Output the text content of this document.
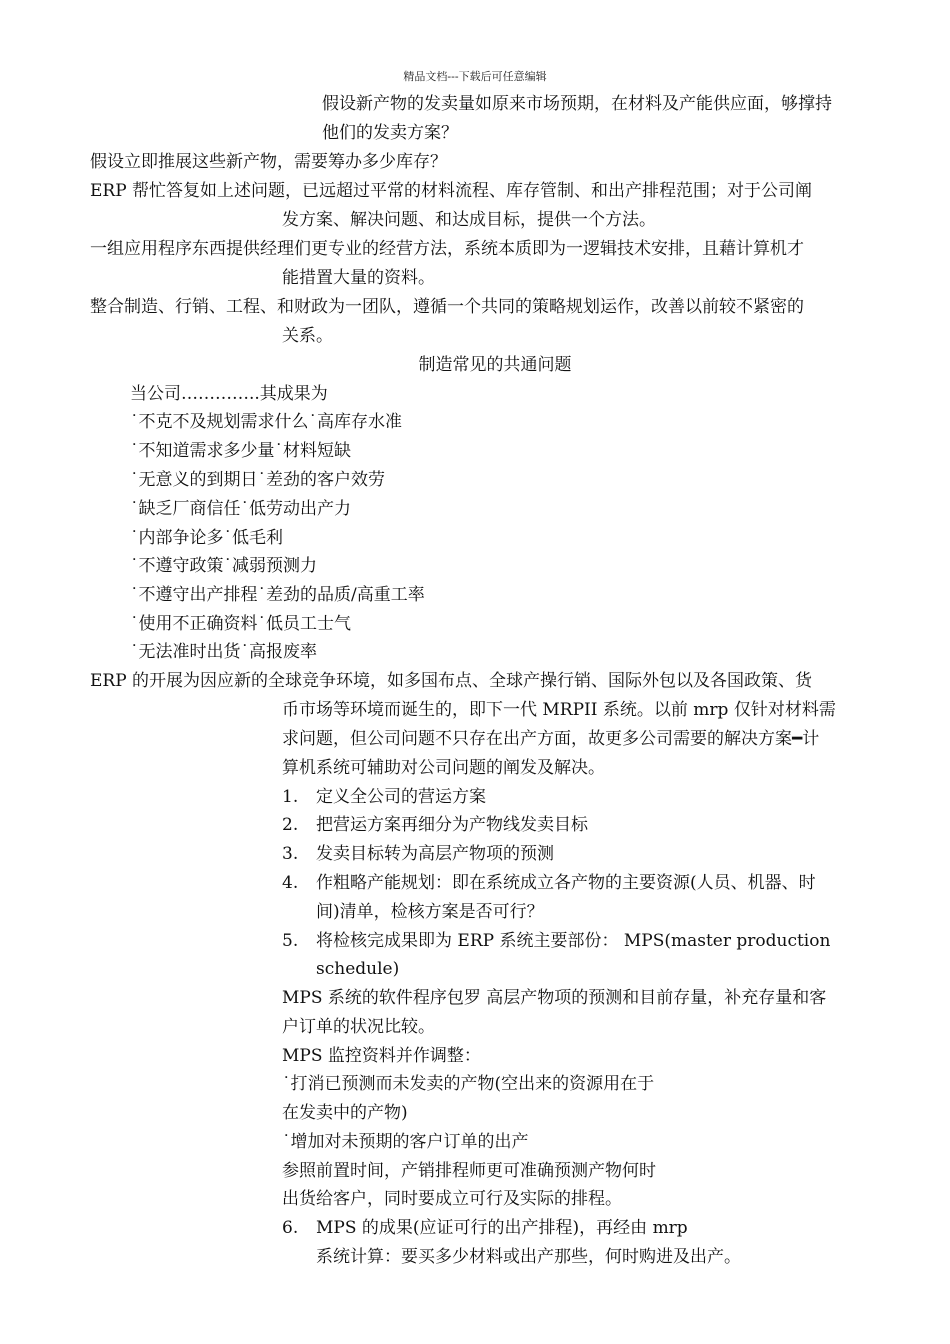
精品文档---下载后可任意编辑
假设新产物的发卖量如原来市场预期，在材料及产能供应面，够撑持
他们的发卖方案？
假设立即推展这些新产物，需要筹办多少库存？
ERP 帮忙答复如上述问题，已远超过平常的材料流程、库存管制、和出产排程范围；对于公司阐
发方案、解决问题、和达成目标，提供一个方法。
一组应用程序东西提供经理们更专业的经营方法，系统本质即为一逻辑技术安排，且藉计算机才
能措置大量的资料。
整合制造、行销、工程、和财政为一团队，遵循一个共同的策略规划运作，改善以前较不紧密的
关系。
制造常见的共通问题
当公司…………..其成果为
˙不克不及规划需求什么˙高库存水准
˙不知道需求多少量˙材料短缺
˙无意义的到期日˙差劲的客户效劳
˙缺乏厂商信任˙低劳动出产力
˙内部争论多˙低毛利
˙不遵守政策˙减弱预测力
˙不遵守出产排程˙差劲的品质/高重工率
˙使用不正确资料˙低员工士气
˙无法准时出货˙高报废率
ERP 的开展为因应新的全球竞争环境，如多国布点、全球产操行销、国际外包以及各国政策、货
币市场等环境而诞生的，即下一代 MRPII 系统。以前 mrp 仅针对材料需
求问题，但公司问题不只存在出产方面，故更多公司需要的解决方案━计
算机系统可辅助对公司问题的阐发及解决。
1. 定义全公司的营运方案
2. 把营运方案再细分为产物线发卖目标
3. 发卖目标转为高层产物项的预测
4. 作粗略产能规划：即在系统成立各产物的主要资源(人员、机器、时
间)清单，检核方案是否可行？
5. 将检核完成果即为 ERP 系统主要部份： MPS(master production
schedule)
MPS 系统的软件程序包罗 高层产物项的预测和目前存量，补充存量和客
户订单的状况比较。
MPS 监控资料并作调整：
˙打消已预测而未发卖的产物(空出来的资源用在于
在发卖中的产物)
˙增加对未预期的客户订单的出产
参照前置时间，产销排程师更可准确预测产物何时
出货给客户，同时要成立可行及实际的排程。
6. MPS 的成果(应证可行的出产排程)，再经由 mrp
系统计算：要买多少材料或出产那些，何时购进及出产。
